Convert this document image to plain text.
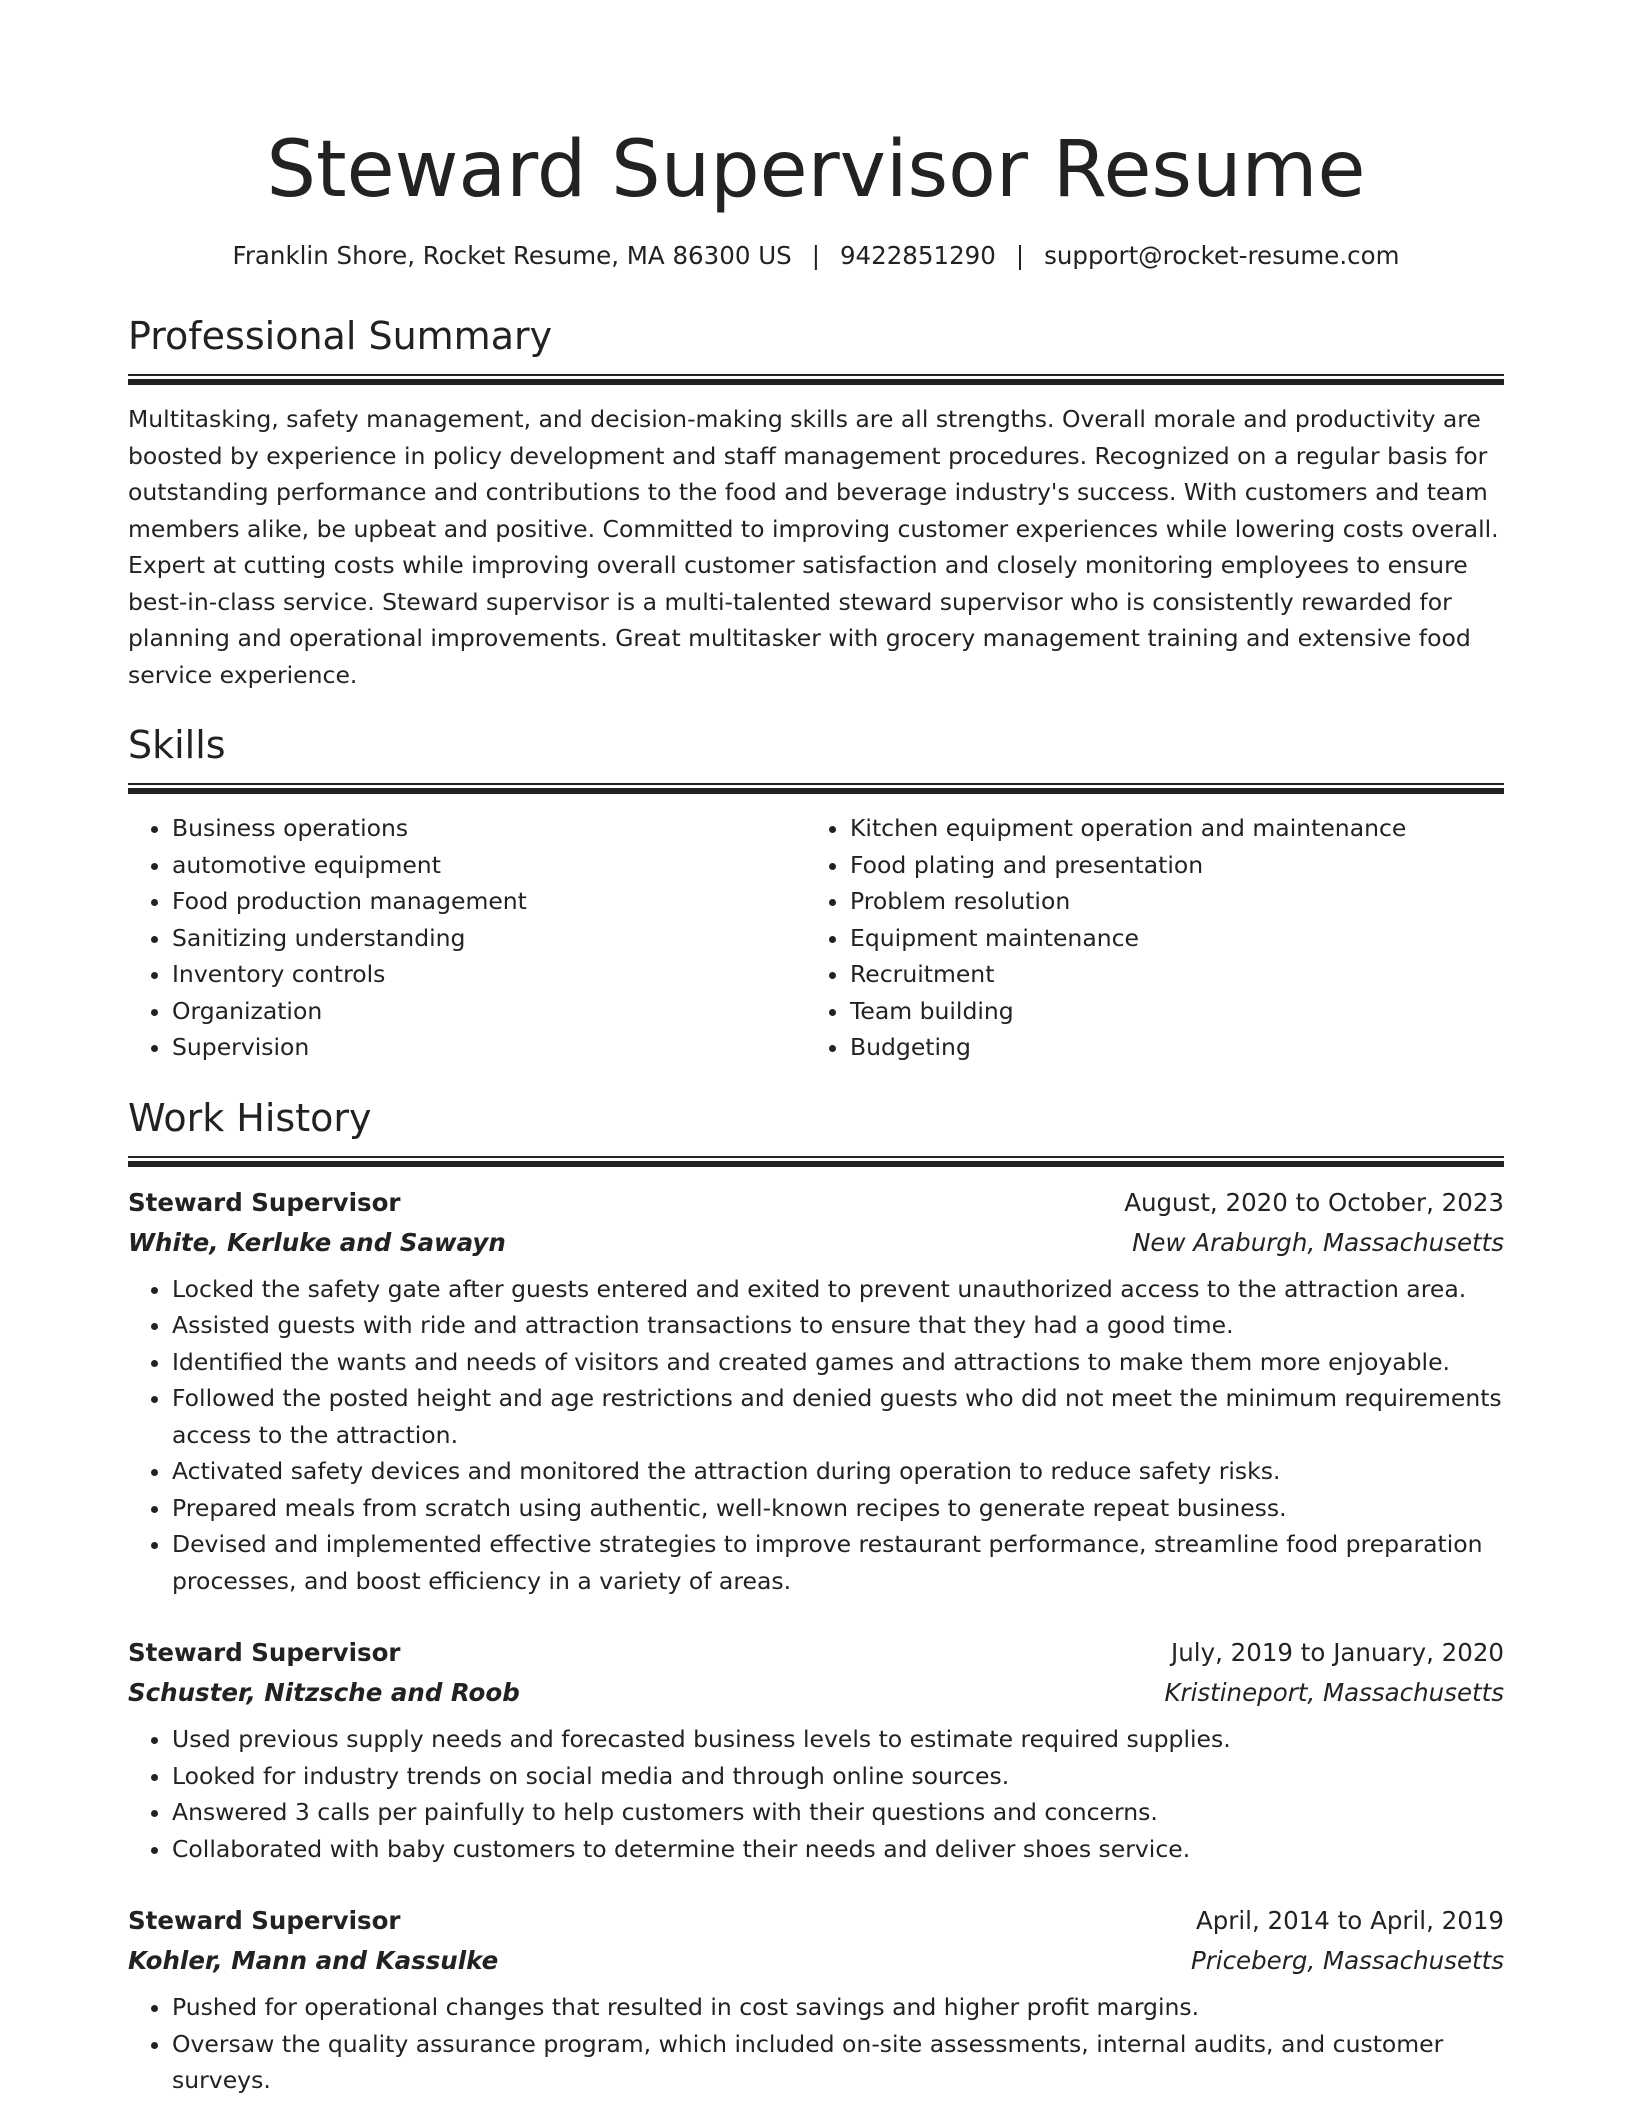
Steward Supervisor Resume
Franklin Shore, Rocket Resume, MA 86300 US | 9422851290 | support@rocket-resume.com
Professional Summary
Multitasking, safety management, and decision-making skills are all strengths. Overall morale and productivity are boosted by experience in policy development and staff management procedures. Recognized on a regular basis for outstanding performance and contributions to the food and beverage industry's success. With customers and team members alike, be upbeat and positive. Committed to improving customer experiences while lowering costs overall. Expert at cutting costs while improving overall customer satisfaction and closely monitoring employees to ensure best-in-class service. Steward supervisor is a multi-talented steward supervisor who is consistently rewarded for planning and operational improvements. Great multitasker with grocery management training and extensive food service experience.
Skills
• Business operations
• automotive equipment
• Food production management
• Sanitizing understanding
• Inventory controls
• Organization
• Supervision
• Kitchen equipment operation and maintenance
• Food plating and presentation
• Problem resolution
• Equipment maintenance
• Recruitment
• Team building
• Budgeting
Work History
Steward Supervisor	August, 2020 to October, 2023
White, Kerluke and Sawayn	New Araburgh, Massachusetts
• Locked the safety gate after guests entered and exited to prevent unauthorized access to the attraction area.
• Assisted guests with ride and attraction transactions to ensure that they had a good time.
• Identified the wants and needs of visitors and created games and attractions to make them more enjoyable.
• Followed the posted height and age restrictions and denied guests who did not meet the minimum requirements access to the attraction.
• Activated safety devices and monitored the attraction during operation to reduce safety risks.
• Prepared meals from scratch using authentic, well-known recipes to generate repeat business.
• Devised and implemented effective strategies to improve restaurant performance, streamline food preparation processes, and boost efficiency in a variety of areas.
Steward Supervisor	July, 2019 to January, 2020
Schuster, Nitzsche and Roob	Kristineport, Massachusetts
• Used previous supply needs and forecasted business levels to estimate required supplies.
• Looked for industry trends on social media and through online sources.
• Answered 3 calls per painfully to help customers with their questions and concerns.
• Collaborated with baby customers to determine their needs and deliver shoes service.
Steward Supervisor	April, 2014 to April, 2019
Kohler, Mann and Kassulke	Priceberg, Massachusetts
• Pushed for operational changes that resulted in cost savings and higher profit margins.
• Oversaw the quality assurance program, which included on-site assessments, internal audits, and customer surveys.
